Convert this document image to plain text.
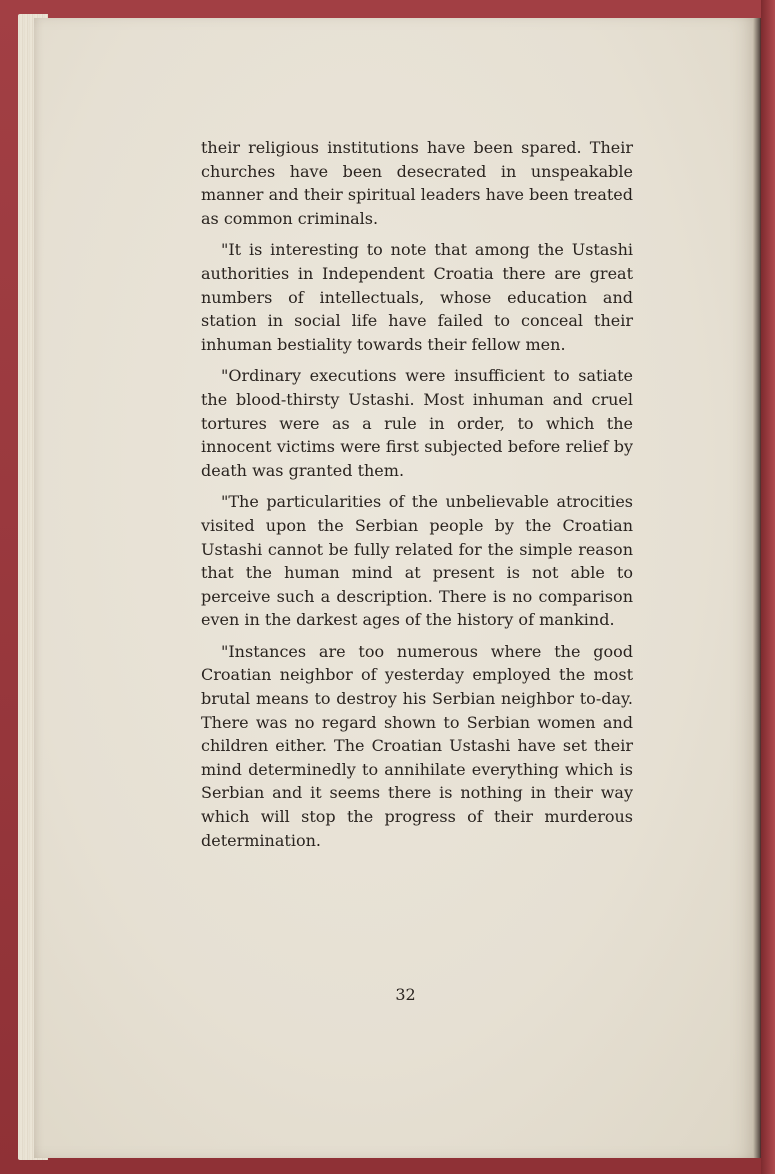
their religious institutions have been spared. Their churches have been desecrated in unspeakable manner and their spiritual leaders have been treated as common criminals.

"It is interesting to note that among the Ustashi authorities in Independent Croatia there are great numbers of intellectuals, whose education and station in social life have failed to conceal their inhuman bestiality towards their fellow men.

"Ordinary executions were insufficient to satiate the blood-thirsty Ustashi. Most inhuman and cruel tortures were as a rule in order, to which the innocent victims were first subjected before relief by death was granted them.

"The particularities of the unbelievable atrocities visited upon the Serbian people by the Croatian Ustashi cannot be fully related for the simple reason that the human mind at present is not able to perceive such a description. There is no comparison even in the darkest ages of the history of mankind.

"Instances are too numerous where the good Croatian neighbor of yesterday employed the most brutal means to destroy his Serbian neighbor to-day. There was no regard shown to Serbian women and children either. The Croatian Ustashi have set their mind determinedly to annihilate everything which is Serbian and it seems there is nothing in their way which will stop the progress of their murderous determination.

32
